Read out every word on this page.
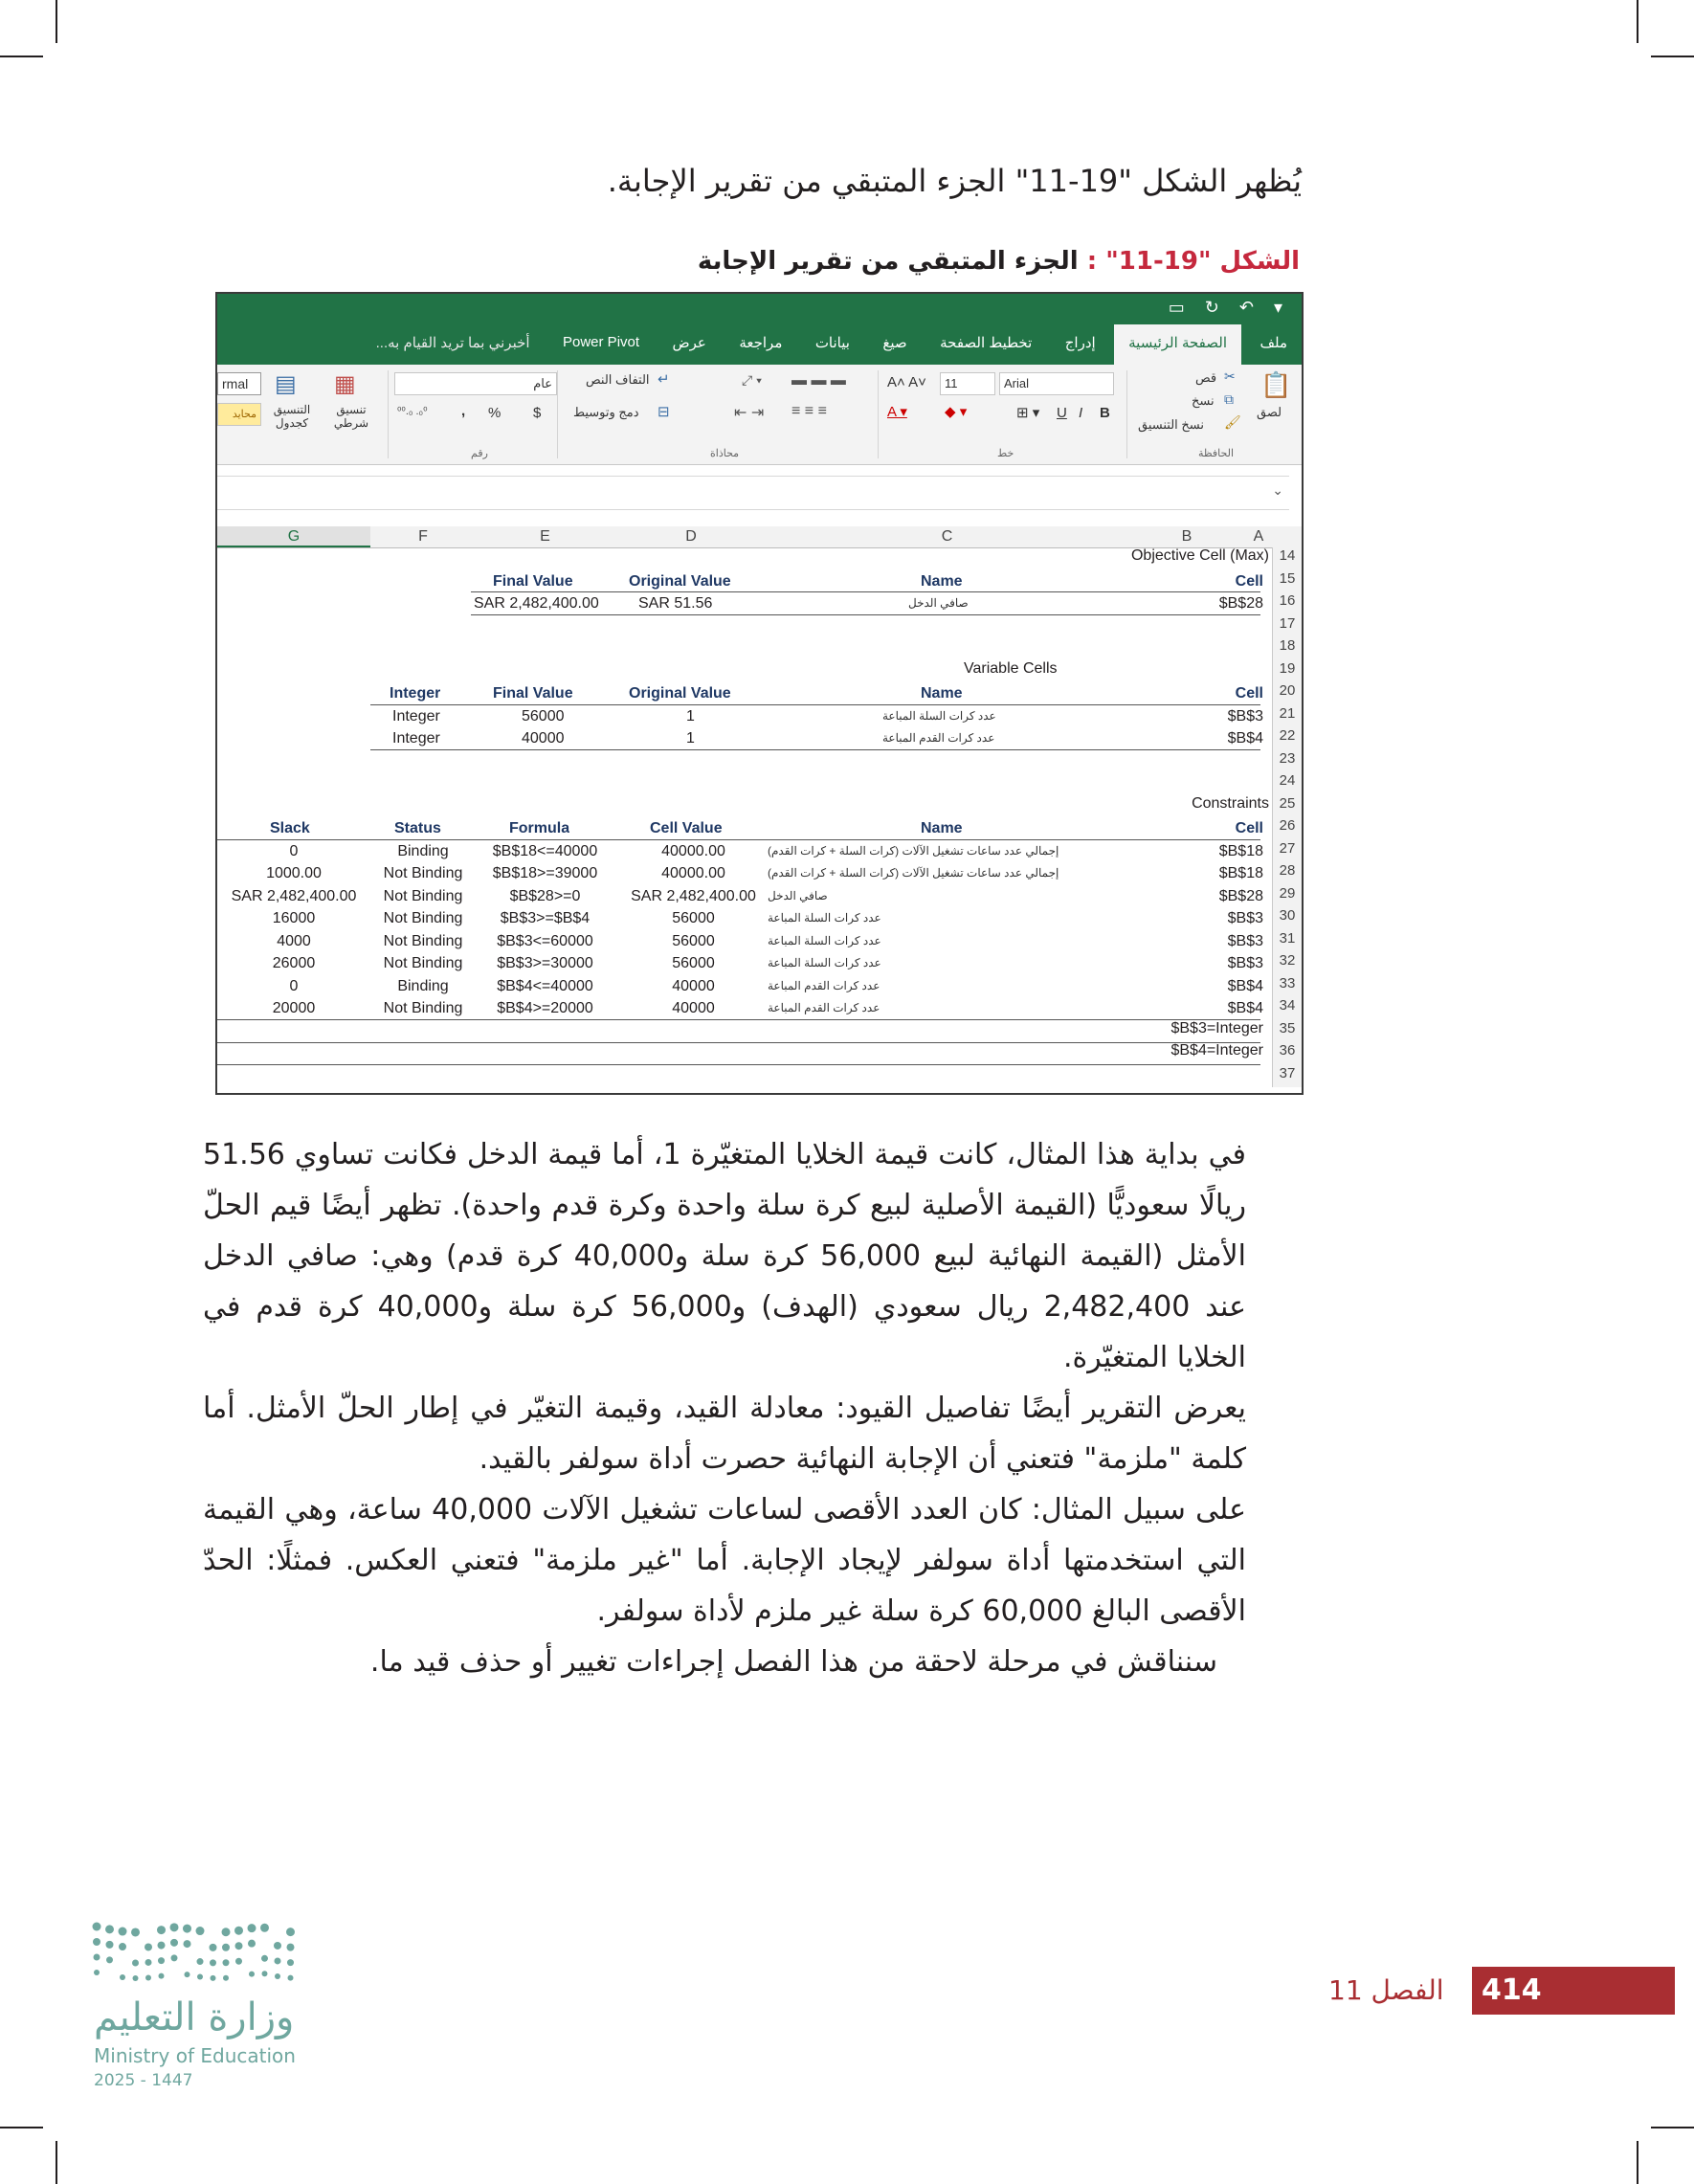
يُظهر الشكل "19-11" الجزء المتبقي من تقرير الإجابة.
الشكل "19-11" : الجزء المتبقي من تقرير الإجابة
▭ ↻ ↶ ▾
ملف الصفحة الرئيسية إدراج تخطيط الصفحة صيغ بيانات مراجعة عرض Power Pivot أخبرني بما تريد القيام به...
📋
لصق
✂
قص
⧉
نسخ
🖌
نسخ التنسيق
الحافظة
Arial
11
A˄ A˅
B
I
U
⊞ ▾
◆ ▾
A ▾
خط
▬ ▬ ▬
⤢ ▾
≡ ≡ ≡
⇤ ⇥
التفاف النص ↵
دمج وتوسيط ⊟
محاذاة
عام
$
%
,
⁰⁰.₀ .₀⁰
رقم
▦
تنسيق شرطي
▤
التنسيق كجدول
rmal
محايد
⌄
A
B
C
D
E
F
G
14
15
16
17
18
19
20
21
22
23
24
25
26
27
28
29
30
31
32
33
34
35
36
37
Objective Cell (Max)
Cell
Name
Original Value
Final Value
$B$28
صافي الدخل
SAR 51.56
SAR 2,482,400.00
Variable Cells
Cell
Name
Original Value
Final Value
Integer
$B$3
عدد كرات السلة المباعة
1
56000
Integer
$B$4
عدد كرات القدم المباعة
1
40000
Integer
Constraints
Cell
Name
Cell Value
Formula
Status
Slack
$B$18
إجمالي عدد ساعات تشغيل الآلات (كرات السلة + كرات القدم)
40000.00
$B$18<=40000
Binding
0
$B$18
إجمالي عدد ساعات تشغيل الآلات (كرات السلة + كرات القدم)
40000.00
$B$18>=39000
Not Binding
1000.00
$B$28
صافي الدخل
SAR 2,482,400.00
$B$28>=0
Not Binding
SAR 2,482,400.00
$B$3
عدد كرات السلة المباعة
56000
$B$3>=$B$4
Not Binding
16000
$B$3
عدد كرات السلة المباعة
56000
$B$3<=60000
Not Binding
4000
$B$3
عدد كرات السلة المباعة
56000
$B$3>=30000
Not Binding
26000
$B$4
عدد كرات القدم المباعة
40000
$B$4<=40000
Binding
0
$B$4
عدد كرات القدم المباعة
40000
$B$4>=20000
Not Binding
20000
$B$3=Integer
$B$4=Integer

في بداية هذا المثال، كانت قيمة الخلايا المتغيّرة 1، أما قيمة الدخل فكانت تساوي 51.56 ريالًا سعوديًّا (القيمة الأصلية لبيع كرة سلة واحدة وكرة قدم واحدة). تظهر أيضًا قيم الحلّ الأمثل (القيمة النهائية لبيع 56,000 كرة سلة و40,000 كرة قدم) وهي: صافي الدخل عند 2,482,400 ريال سعودي (الهدف) و56,000 كرة سلة و40,000 كرة قدم في الخلايا المتغيّرة.

يعرض التقرير أيضًا تفاصيل القيود: معادلة القيد، وقيمة التغيّر في إطار الحلّ الأمثل. أما كلمة "ملزمة" فتعني أن الإجابة النهائية حصرت أداة سولفر بالقيد.

على سبيل المثال: كان العدد الأقصى لساعات تشغيل الآلات 40,000 ساعة، وهي القيمة التي استخدمتها أداة سولفر لإيجاد الإجابة. أما "غير ملزمة" فتعني العكس. فمثلًا: الحدّ الأقصى البالغ 60,000 كرة سلة غير ملزم لأداة سولفر.

سنناقش في مرحلة لاحقة من هذا الفصل إجراءات تغيير أو حذف قيد ما.

وزارة التعليم
Ministry of Education
2025 - 1447
الفصل 11 414
